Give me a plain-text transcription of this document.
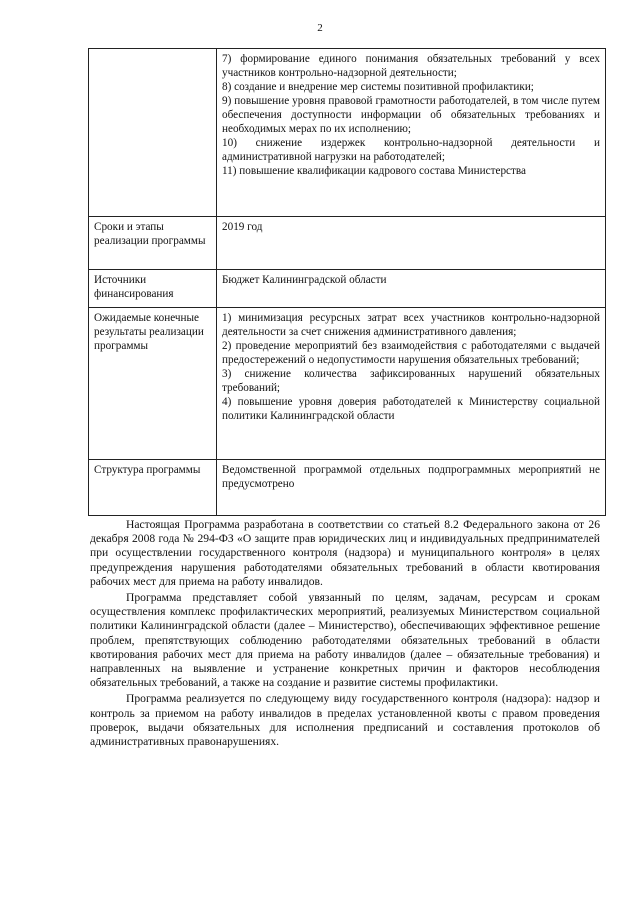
2

	7) формирование единого понимания обязательных требований у всех участников контрольно-надзорной деятельности;
8) создание и внедрение мер системы позитивной профилактики;
9) повышение уровня правовой грамотности работодателей, в том числе путем обеспечения доступности информации об обязательных требованиях и необходимых мерах по их исполнению;
10) снижение издержек контрольно-надзорной деятельности и административной нагрузки на работодателей;
11) повышение квалификации кадрового состава Министерства

Сроки и этапы реализации программы	2019 год
Источники финансирования	Бюджет Калининградской области
Ожидаемые конечные результаты реализации программы	1) минимизация ресурсных затрат всех участников контрольно-надзорной деятельности за счет снижения административного давления;
2) проведение мероприятий без взаимодействия с работодателями с выдачей предостережений о недопустимости нарушения обязательных требований;
3) снижение количества зафиксированных нарушений обязательных требований;
4) повышение уровня доверия работодателей к Министерству социальной политики Калининградской области

Структура программы	Ведомственной программой отдельных подпрограммных мероприятий не предусмотрено

Настоящая Программа разработана в соответствии со статьей 8.2 Федерального закона от 26 декабря 2008 года № 294-ФЗ «О защите прав юридических лиц и индивидуальных предпринимателей при осуществлении государственного контроля (надзора) и муниципального контроля» в целях предупреждения нарушения работодателями обязательных требований в области квотирования рабочих мест для приема на работу инвалидов.

Программа представляет собой увязанный по целям, задачам, ресурсам и срокам осуществления комплекс профилактических мероприятий, реализуемых Министерством социальной политики Калининградской области (далее – Министерство), обеспечивающих эффективное решение проблем, препятствующих соблюдению работодателями обязательных требований в области квотирования рабочих мест для приема на работу инвалидов (далее – обязательные требования) и направленных на выявление и устранение конкретных причин и факторов несоблюдения обязательных требований, а также на создание и развитие системы профилактики.

Программа реализуется по следующему виду государственного контроля (надзора): надзор и контроль за приемом на работу инвалидов в пределах установленной квоты с правом проведения проверок, выдачи обязательных для исполнения предписаний и составления протоколов об административных правонарушениях.
